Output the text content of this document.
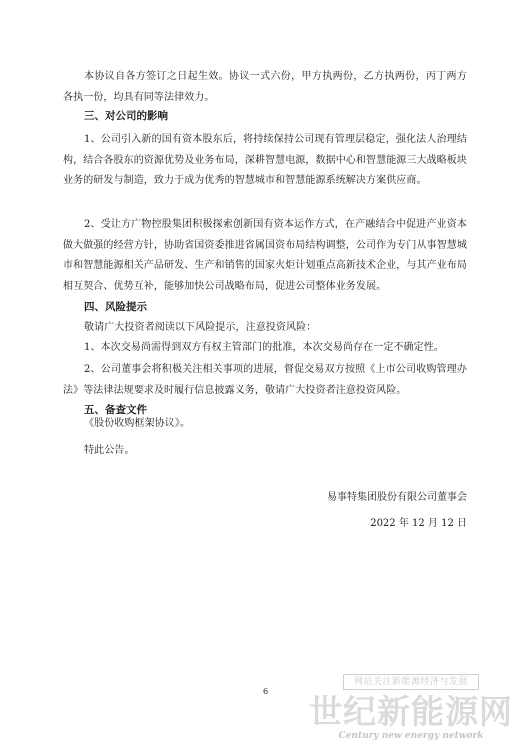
本协议自各方签订之日起生效。协议一式六份，甲方执两份，乙方执两份，丙丁两方各执一份，均具有同等法律效力。

三、对公司的影响

1、公司引入新的国有资本股东后，将持续保持公司现有管理层稳定，强化法人治理结构，结合各股东的资源优势及业务布局，深耕智慧电源，数据中心和智慧能源三大战略板块业务的研发与制造，致力于成为优秀的智慧城市和智慧能源系统解决方案供应商。

2、受让方广物控股集团积极探索创新国有资本运作方式，在产融结合中促进产业资本做大做强的经营方针，协助省国资委推进省属国资布局结构调整，公司作为专门从事智慧城市和智慧能源相关产品研发、生产和销售的国家火炬计划重点高新技术企业，与其产业布局相互契合、优势互补，能够加快公司战略布局，促进公司整体业务发展。

四、风险提示

敬请广大投资者阅读以下风险提示，注意投资风险：

1、本次交易尚需得到双方有权主管部门的批准，本次交易尚存在一定不确定性。

2、公司董事会将积极关注相关事项的进展，督促交易双方按照《上市公司收购管理办法》等法律法规要求及时履行信息披露义务，敬请广大投资者注意投资风险。

五、备查文件

《股份收购框架协议》。

特此公告。

易事特集团股份有限公司董事会

2022 年 12 月 12 日

6
网站关注新能源经济与发展
世纪新能源网
Century new energy network
